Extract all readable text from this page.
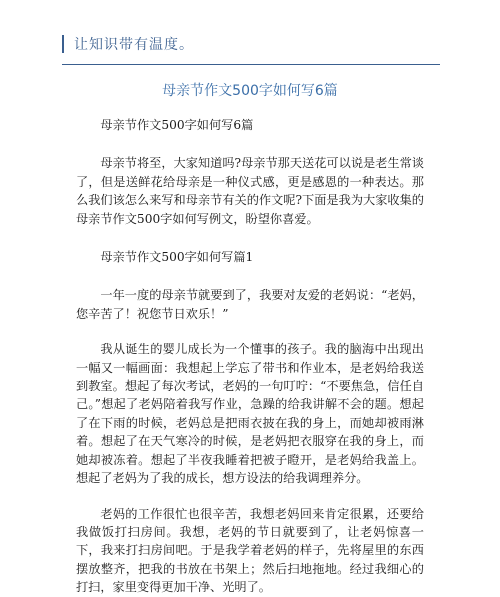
让知识带有温度。
母亲节作文500字如何写6篇

母亲节作文500字如何写6篇

母亲节将至，大家知道吗?母亲节那天送花可以说是老生常谈了，但是送鲜花给母亲是一种仪式感，更是感恩的一种表达。那么我们该怎么来写和母亲节有关的作文呢?下面是我为大家收集的母亲节作文500字如何写例文，盼望你喜爱。

母亲节作文500字如何写篇1

一年一度的母亲节就要到了，我要对友爱的老妈说：“老妈，您辛苦了！祝您节日欢乐！”

我从诞生的婴儿成长为一个懂事的孩子。我的脑海中出现出一幅又一幅画面：我想起上学忘了带书和作业本，是老妈给我送到教室。想起了每次考试，老妈的一句叮咛：“不要焦急，信任自己。”想起了老妈陪着我写作业，急躁的给我讲解不会的题。想起了在下雨的时候，老妈总是把雨衣披在我的身上，而她却被雨淋着。想起了在天气寒冷的时候，是老妈把衣服穿在我的身上，而她却被冻着。想起了半夜我睡着把被子瞪开，是老妈给我盖上。想起了老妈为了我的成长，想方设法的给我调理养分。

老妈的工作很忙也很辛苦，我想老妈回来肯定很累，还要给我做饭打扫房间。我想，老妈的节日就要到了，让老妈惊喜一下，我来打扫房间吧。于是我学着老妈的样子，先将屋里的东西摆放整齐，把我的书放在书架上；然后扫地拖地。经过我细心的打扫，家里变得更加干净、光明了。
